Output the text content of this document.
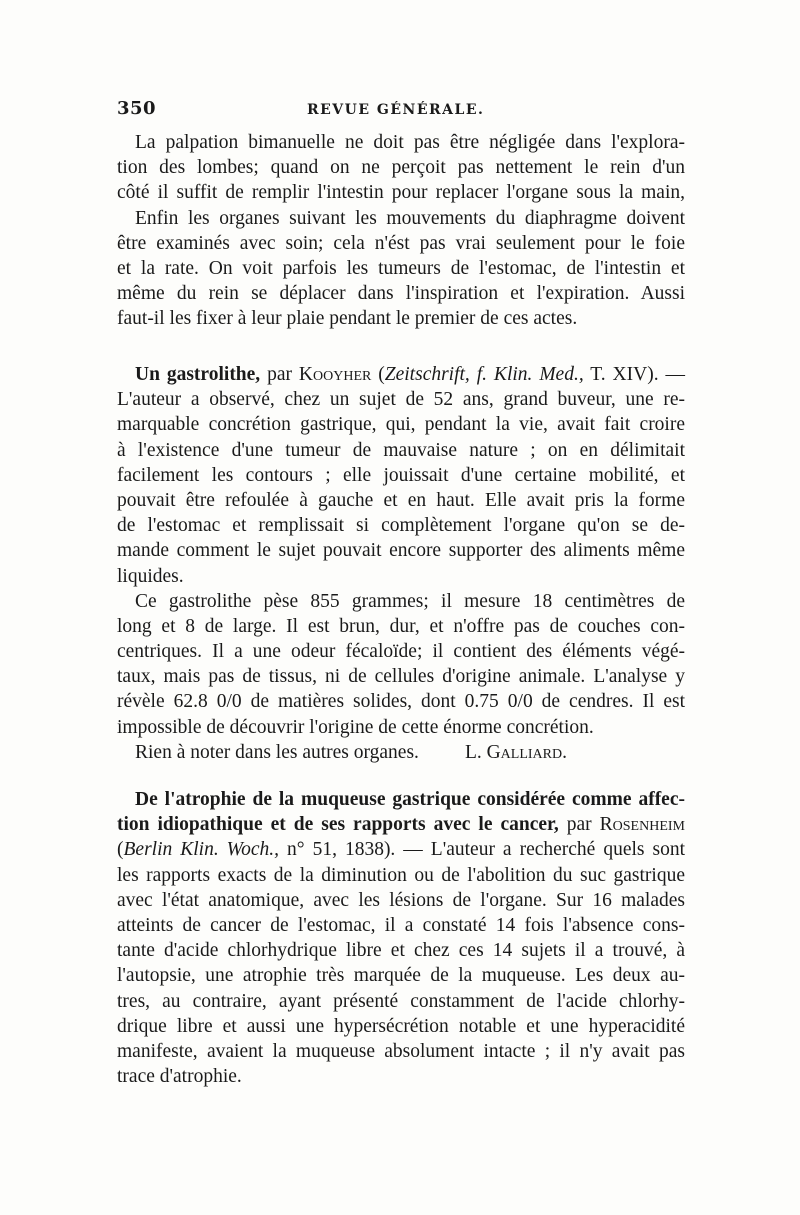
350	REVUE GÉNÉRALE.
La palpation bimanuelle ne doit pas être négligée dans l'explora-
tion des lombes; quand on ne perçoit pas nettement le rein d'un
côté il suffit de remplir l'intestin pour replacer l'organe sous la main,
Enfin les organes suivant les mouvements du diaphragme doivent
être examinés avec soin; cela n'ést pas vrai seulement pour le foie
et la rate. On voit parfois les tumeurs de l'estomac, de l'intestin et
même du rein se déplacer dans l'inspiration et l'expiration. Aussi
faut-il les fixer à leur plaie pendant le premier de ces actes.
Un gastrolithe, par Kooyher (Zeitschrift, f. Klin. Med., T. XIV). —
L'auteur a observé, chez un sujet de 52 ans, grand buveur, une re-
marquable concrétion gastrique, qui, pendant la vie, avait fait croire
à l'existence d'une tumeur de mauvaise nature ; on en délimitait
facilement les contours ; elle jouissait d'une certaine mobilité, et
pouvait être refoulée à gauche et en haut. Elle avait pris la forme
de l'estomac et remplissait si complètement l'organe qu'on se de-
mande comment le sujet pouvait encore supporter des aliments même
liquides.
Ce gastrolithe pèse 855 grammes; il mesure 18 centimètres de
long et 8 de large. Il est brun, dur, et n'offre pas de couches con-
centriques. Il a une odeur fécaloïde; il contient des éléments végé-
taux, mais pas de tissus, ni de cellules d'origine animale. L'analyse y
révèle 62.8 0/0 de matières solides, dont 0.75 0/0 de cendres. Il est
impossible de découvrir l'origine de cette énorme concrétion.
Rien à noter dans les autres organes. L. Galliard.
De l'atrophie de la muqueuse gastrique considérée comme affec-
tion idiopathique et de ses rapports avec le cancer, par Rosenheim
(Berlin Klin. Woch., n° 51, 1838). — L'auteur a recherché quels sont
les rapports exacts de la diminution ou de l'abolition du suc gastrique
avec l'état anatomique, avec les lésions de l'organe. Sur 16 malades
atteints de cancer de l'estomac, il a constaté 14 fois l'absence cons-
tante d'acide chlorhydrique libre et chez ces 14 sujets il a trouvé, à
l'autopsie, une atrophie très marquée de la muqueuse. Les deux au-
tres, au contraire, ayant présenté constamment de l'acide chlorhy-
drique libre et aussi une hypersécrétion notable et une hyperacidité
manifeste, avaient la muqueuse absolument intacte ; il n'y avait pas
trace d'atrophie.
